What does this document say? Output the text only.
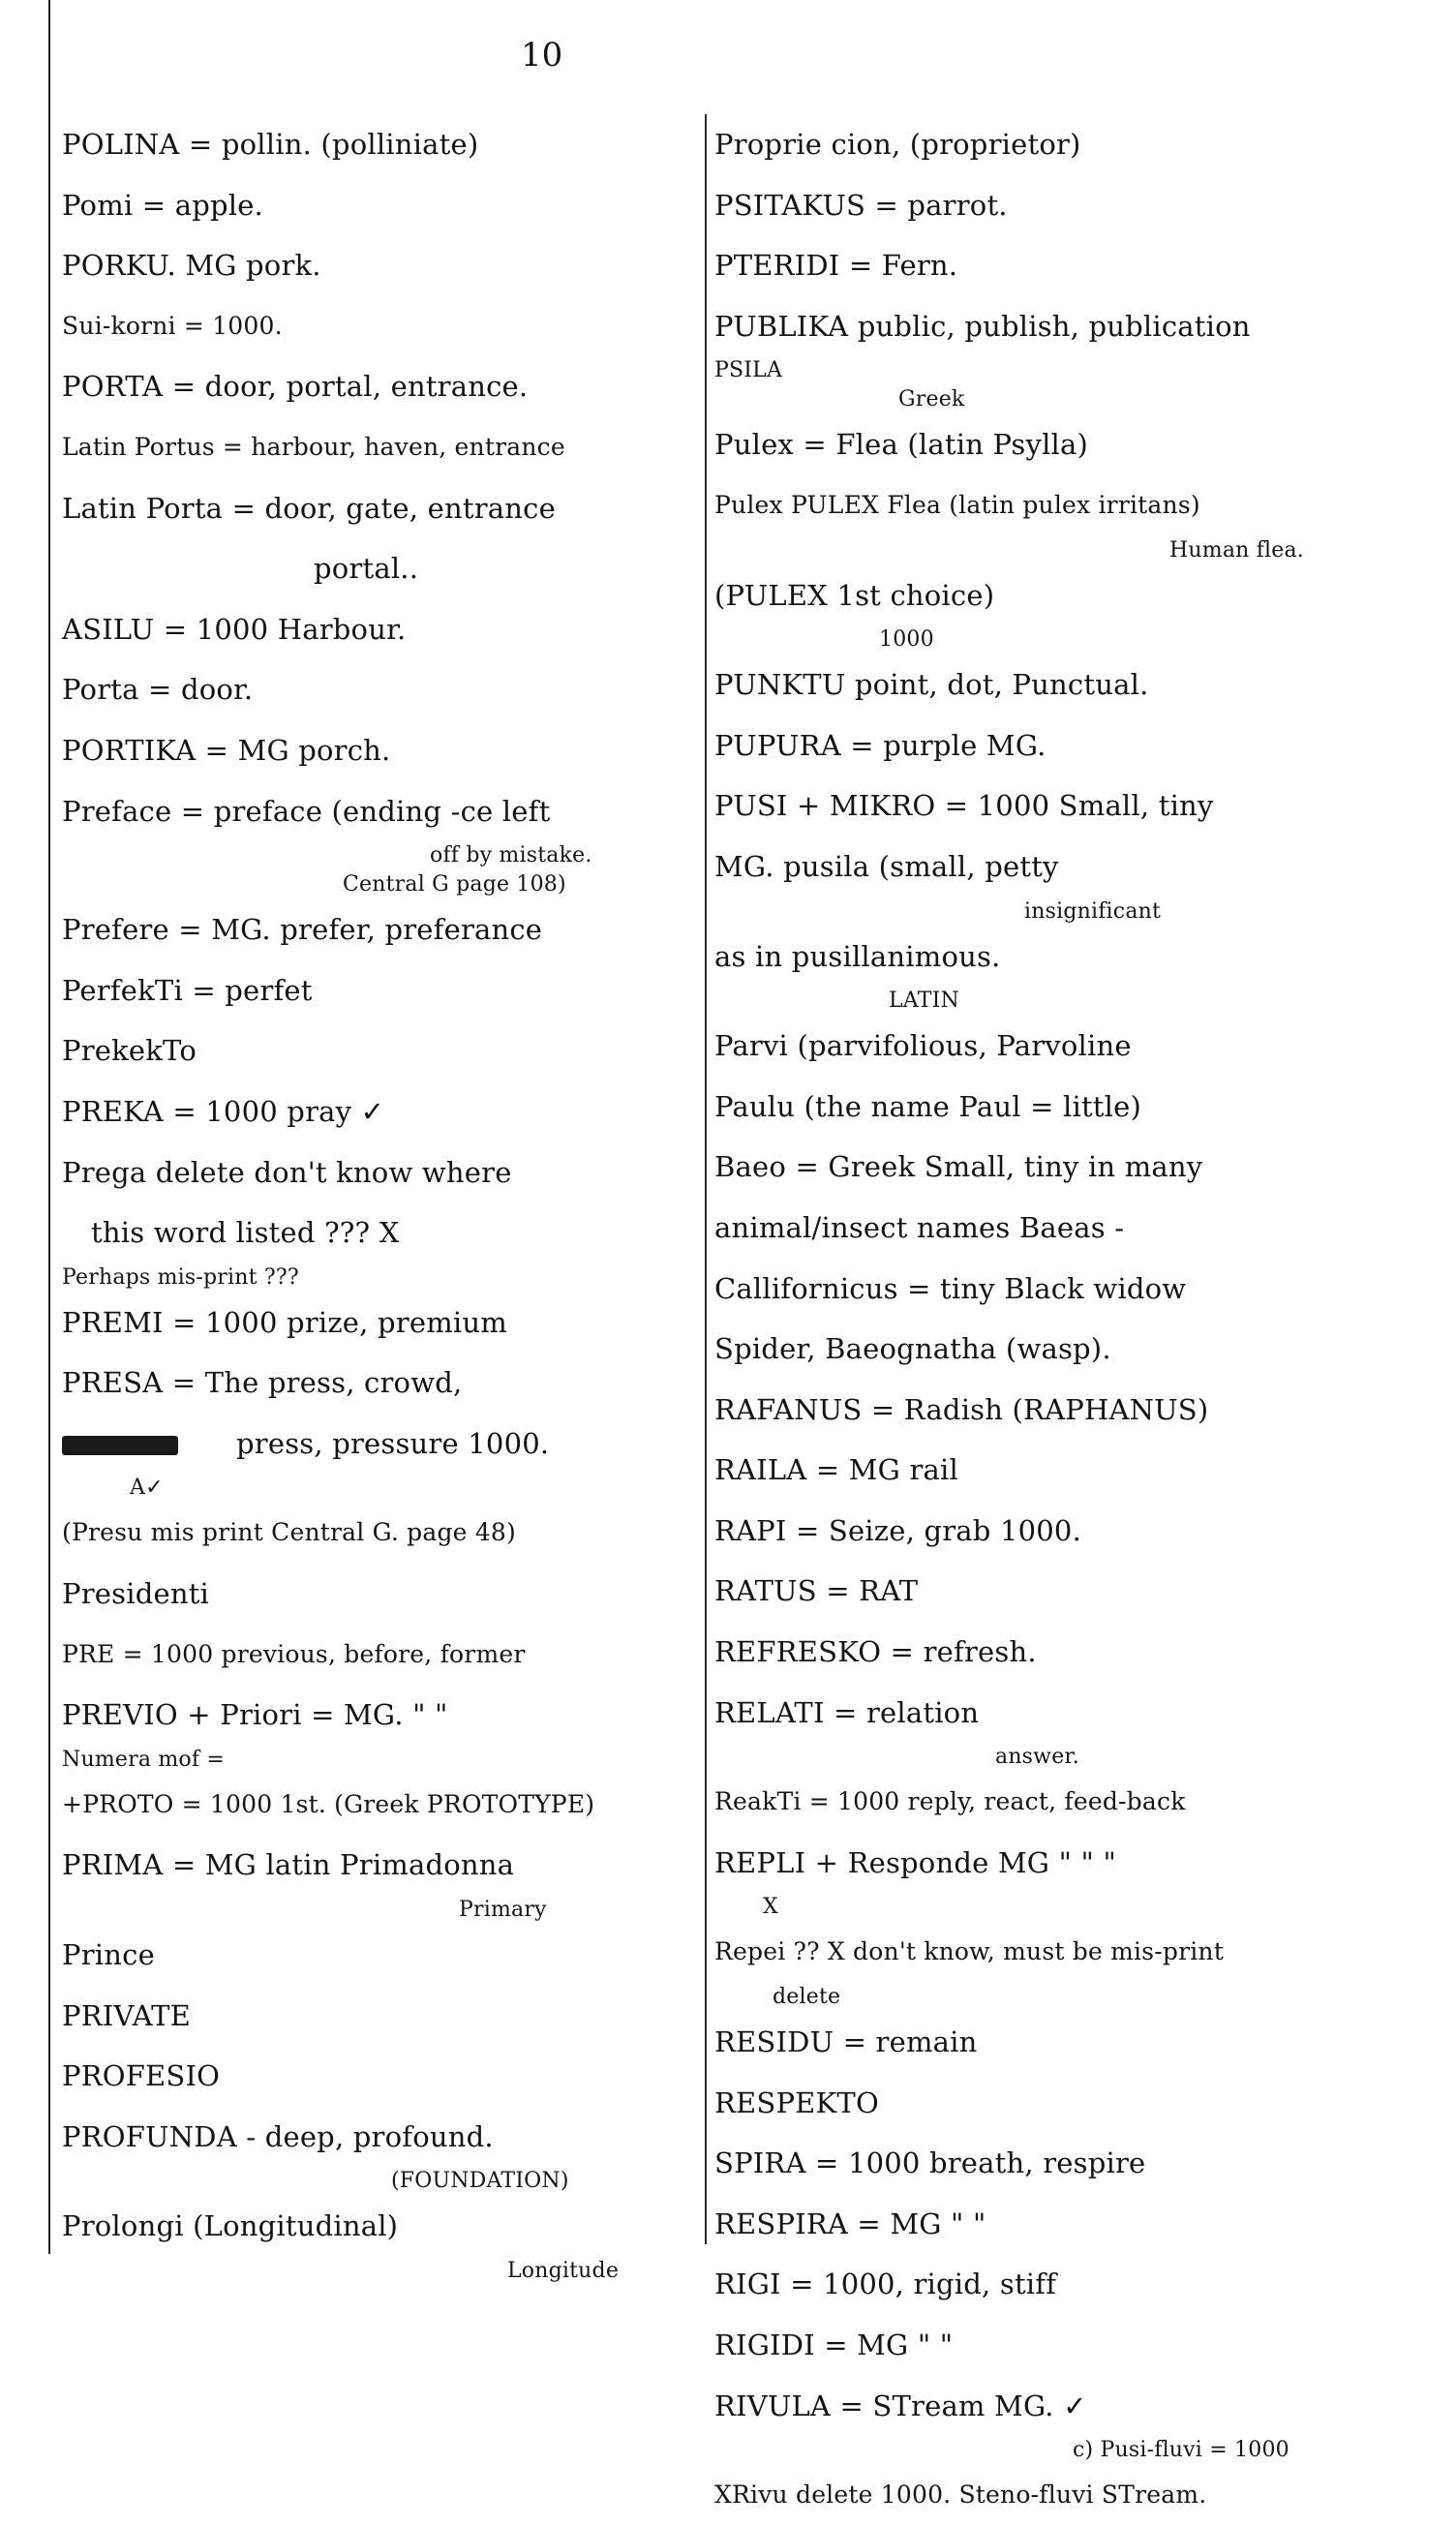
10
POLINA = pollin. (polliniate)
Pomi = apple.
PORKU. MG pork.
Sui-korni = 1000.
PORTA = door, portal, entrance.
Latin Portus = harbour, haven, entrance
Latin Porta = door, gate, entrance
portal..
ASILU = 1000 Harbour.
Porta = door.
PORTIKA = MG porch.
Preface = preface (ending -ce left
off by mistake.
Central G page 108)
Prefere = MG. prefer, preferance
PerfekTi = perfet
PrekekTo
PREKA = 1000 pray ✓
Prega delete don't know where
this word listed ??? X
Perhaps mis-print ???
PREMI = 1000 prize, premium
PRESA = The press, crowd,
press, pressure 1000.
A✓
(Presu mis print Central G. page 48)
Presidenti
PRE = 1000 previous, before, former
PREVIO + Priori = MG. " "
Numera mof =
+PROTO = 1000 1st. (Greek PROTOTYPE)
PRIMA = MG latin Primadonna
Primary
Prince
PRIVATE
PROFESIO
PROFUNDA - deep, profound.
(FOUNDATION)
Prolongi (Longitudinal)
Longitude
Proprie cion, (proprietor)
PSITAKUS = parrot.
PTERIDI = Fern.
PUBLIKA public, publish, publication
PSILA
Greek
Pulex = Flea (latin Psylla)
Pulex PULEX Flea (latin pulex irritans)
Human flea.
(PULEX 1st choice)
1000
PUNKTU point, dot, Punctual.
PUPURA = purple MG.
PUSI + MIKRO = 1000 Small, tiny
MG. pusila (small, petty
insignificant
as in pusillanimous.
LATIN
Parvi (parvifolious, Parvoline
Paulu (the name Paul = little)
Baeo = Greek Small, tiny in many
animal/insect names Baeas -
Callifornicus = tiny Black widow
Spider, Baeognatha (wasp).
RAFANUS = Radish (RAPHANUS)
RAILA = MG rail
RAPI = Seize, grab 1000.
RATUS = RAT
REFRESKO = refresh.
RELATI = relation
answer.
ReakTi = 1000 reply, react, feed-back
REPLI + Responde MG " " "
X
Repei ?? X don't know, must be mis-print
delete
RESIDU = remain
RESPEKTO
SPIRA = 1000 breath, respire
RESPIRA = MG " "
RIGI = 1000, rigid, stiff
RIGIDI = MG " "
RIVULA = STream MG. ✓
c) Pusi-fluvi = 1000
XRivu delete 1000. Steno-fluvi STream.
